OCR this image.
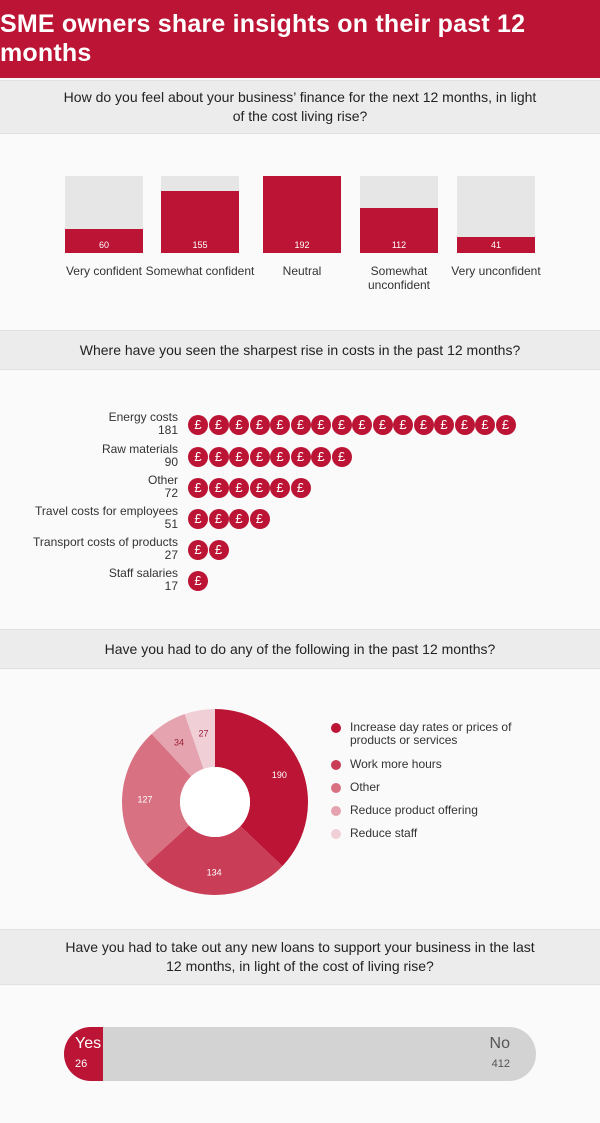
SME owners share insights on their past 12 months
How do you feel about your business’ finance for the next 12 months, in light of the cost living rise?
60
Very confident
155
Somewhat confident
192
Neutral
112
Somewhat unconfident
41
Very unconfident
Where have you seen the sharpest rise in costs in the past 12 months?
Energy costs
181	£	£	£	£	£	£	£	£	£	£	£	£	£	£	£	£
Raw materials
90	£	£	£	£	£	£	£	£
Other
72	£	£	£	£	£	£
Travel costs for employees
51	£	£	£	£
Transport costs of products
27	£	£
Staff salaries
17	£
Have you had to do any of the following in the past 12 months?
190
134
127
34
27	Increase day rates or prices of products or services
Work more hours
Other
Reduce product offering
Reduce staff
Have you had to take out any new loans to support your business in the last 12 months, in light of the cost of living rise?
Yes
26
No
412
